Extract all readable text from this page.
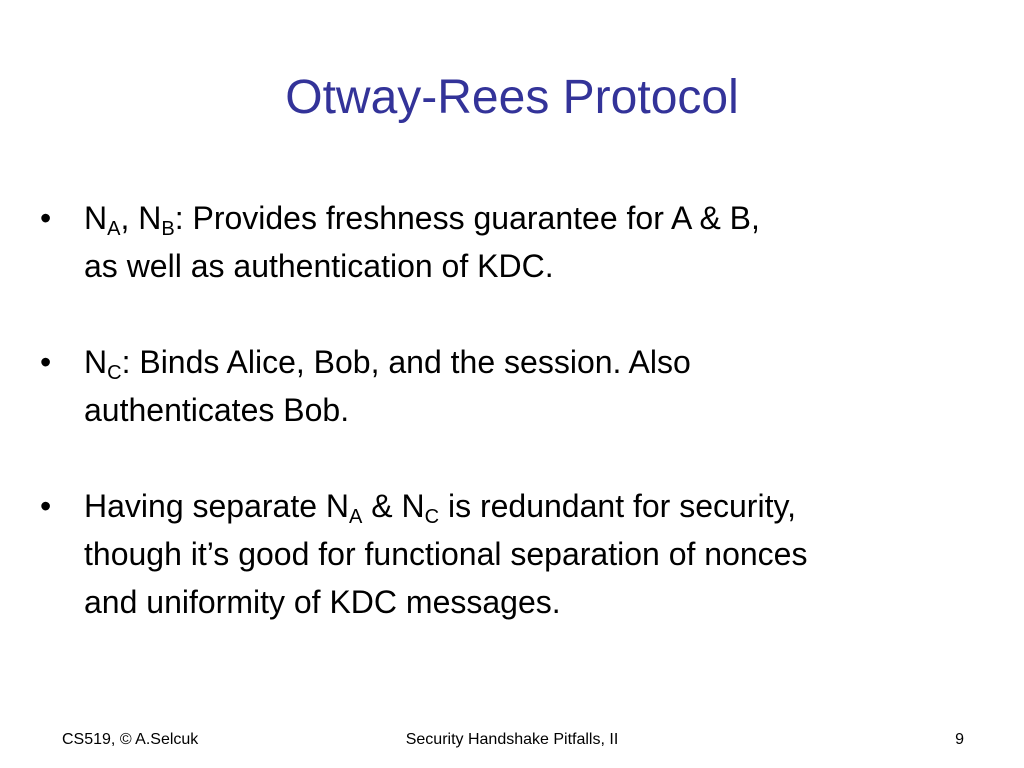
Otway-Rees Protocol
•	$N_A$, $N_B$: Provides freshness guarantee for A & B,
as well as authentication of KDC.
•	$N_C$: Binds Alice, Bob, and the session. Also
authenticates Bob.
•	Having separate $N_A$ & $N_C$ is redundant for security,
though it’s good for functional separation of nonces
and uniformity of KDC messages.
CS519, © A.Selcuk	Security Handshake Pitfalls, II	9
